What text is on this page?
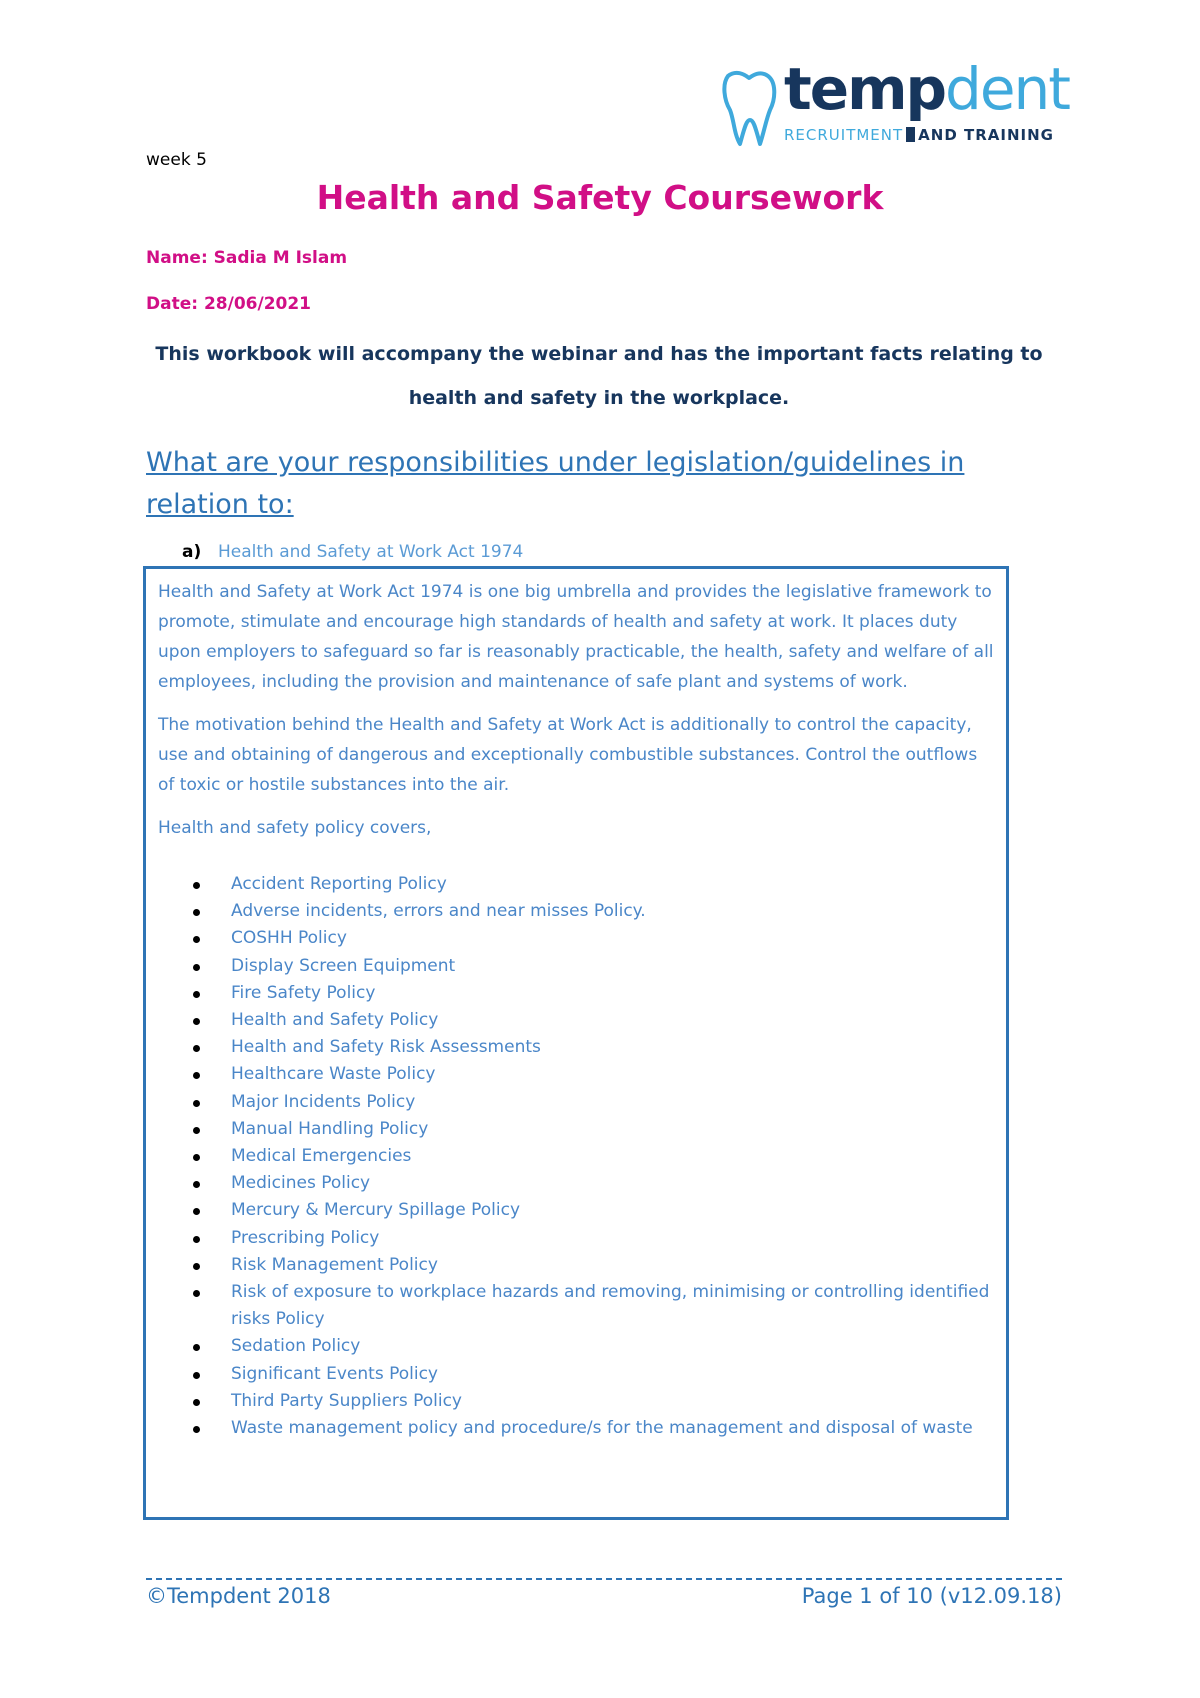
tempdent
RECRUITMENT AND TRAINING
week 5
Health and Safety Coursework
Name: Sadia M Islam
Date: 28/06/2021
This workbook will accompany the webinar and has the important facts relating to health and safety in the workplace.
What are your responsibilities under legislation/guidelines in relation to:
a) Health and Safety at Work Act 1974

Health and Safety at Work Act 1974 is one big umbrella and provides the legislative framework to promote, stimulate and encourage high standards of health and safety at work. It places duty upon employers to safeguard so far is reasonably practicable, the health, safety and welfare of all employees, including the provision and maintenance of safe plant and systems of work.

The motivation behind the Health and Safety at Work Act is additionally to control the capacity, use and obtaining of dangerous and exceptionally combustible substances. Control the outflows of toxic or hostile substances into the air.

Health and safety policy covers,

Accident Reporting Policy
Adverse incidents, errors and near misses Policy.
COSHH Policy
Display Screen Equipment
Fire Safety Policy
Health and Safety Policy
Health and Safety Risk Assessments
Healthcare Waste Policy
Major Incidents Policy
Manual Handling Policy
Medical Emergencies
Medicines Policy
Mercury & Mercury Spillage Policy
Prescribing Policy
Risk Management Policy
Risk of exposure to workplace hazards and removing, minimising or controlling identified risks Policy
Sedation Policy
Significant Events Policy
Third Party Suppliers Policy
Waste management policy and procedure/s for the management and disposal of waste
©Tempdent 2018	Page 1 of 10 (v12.09.18)
